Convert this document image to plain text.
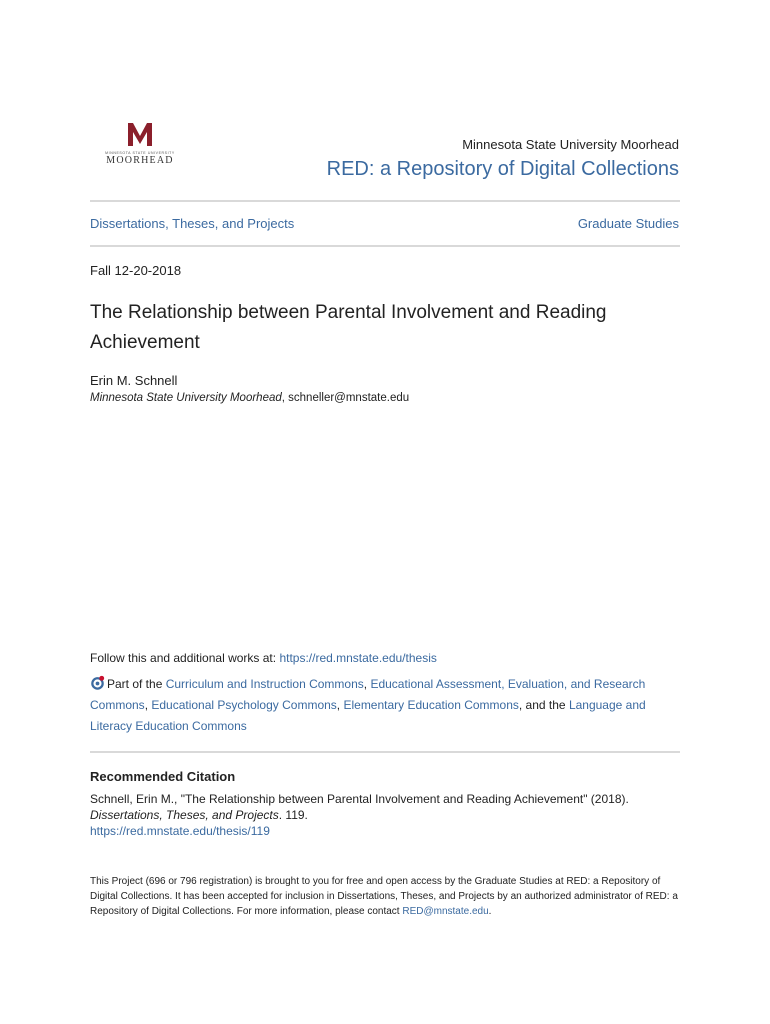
MINNESOTA STATE UNIVERSITY
MOORHEAD
Minnesota State University Moorhead
RED: a Repository of Digital Collections
Dissertations, Theses, and Projects	Graduate Studies
Fall 12-20-2018
The Relationship between Parental Involvement and Reading Achievement
Erin M. Schnell
Minnesota State University Moorhead, schneller@mnstate.edu
Follow this and additional works at: https://red.mnstate.edu/thesis
Part of the Curriculum and Instruction Commons, Educational Assessment, Evaluation, and Research Commons, Educational Psychology Commons, Elementary Education Commons, and the Language and Literacy Education Commons
Recommended Citation
Schnell, Erin M., "The Relationship between Parental Involvement and Reading Achievement" (2018).
Dissertations, Theses, and Projects. 119.
https://red.mnstate.edu/thesis/119
This Project (696 or 796 registration) is brought to you for free and open access by the Graduate Studies at RED: a Repository of Digital Collections. It has been accepted for inclusion in Dissertations, Theses, and Projects by an authorized administrator of RED: a Repository of Digital Collections. For more information, please contact RED@mnstate.edu.
